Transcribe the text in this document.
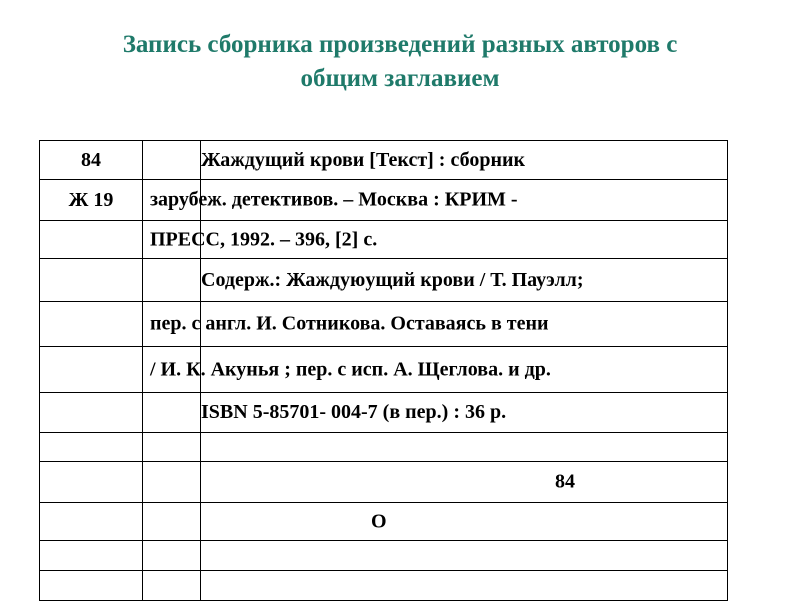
Запись сборника произведений разных авторов с
общим заглавием
84		Жаждущий крови [Текст] : сборник
Ж 19	зарубеж. детективов. – Москва : КРИМ -	

	ПРЕСС, 1992. – 396, [2] с.	

		Содерж.: Жаждуюущий крови / Т. Пауэлл;

	пер. с англ. И. Сотникова. Оставаясь в тени	

	/ И. К. Акунья ; пер. с исп. А. Щеглова. и др.	

		ISBN 5-85701- 004-7 (в пер.) : 36 р.

		84

		О
